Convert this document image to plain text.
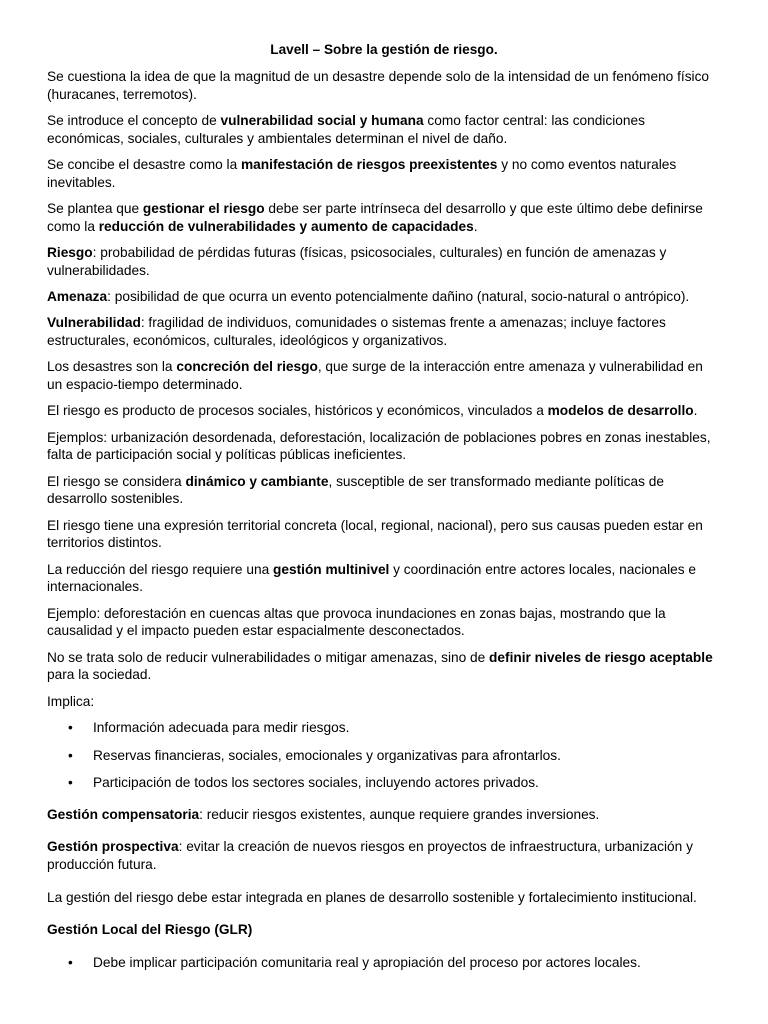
Lavell – Sobre la gestión de riesgo.

Se cuestiona la idea de que la magnitud de un desastre depende solo de la intensidad de un fenómeno físico (huracanes, terremotos).

Se introduce el concepto de vulnerabilidad social y humana como factor central: las condiciones económicas, sociales, culturales y ambientales determinan el nivel de daño.

Se concibe el desastre como la manifestación de riesgos preexistentes y no como eventos naturales inevitables.

Se plantea que gestionar el riesgo debe ser parte intrínseca del desarrollo y que este último debe definirse como la reducción de vulnerabilidades y aumento de capacidades.

Riesgo: probabilidad de pérdidas futuras (físicas, psicosociales, culturales) en función de amenazas y vulnerabilidades.

Amenaza: posibilidad de que ocurra un evento potencialmente dañino (natural, socio-natural o antrópico).

Vulnerabilidad: fragilidad de individuos, comunidades o sistemas frente a amenazas; incluye factores estructurales, económicos, culturales, ideológicos y organizativos.

Los desastres son la concreción del riesgo, que surge de la interacción entre amenaza y vulnerabilidad en un espacio-tiempo determinado.

El riesgo es producto de procesos sociales, históricos y económicos, vinculados a modelos de desarrollo.

Ejemplos: urbanización desordenada, deforestación, localización de poblaciones pobres en zonas inestables, falta de participación social y políticas públicas ineficientes.

El riesgo se considera dinámico y cambiante, susceptible de ser transformado mediante políticas de desarrollo sostenibles.

El riesgo tiene una expresión territorial concreta (local, regional, nacional), pero sus causas pueden estar en territorios distintos.

La reducción del riesgo requiere una gestión multinivel y coordinación entre actores locales, nacionales e internacionales.

Ejemplo: deforestación en cuencas altas que provoca inundaciones en zonas bajas, mostrando que la causalidad y el impacto pueden estar espacialmente desconectados.

No se trata solo de reducir vulnerabilidades o mitigar amenazas, sino de definir niveles de riesgo aceptable para la sociedad.

Implica:

• Información adecuada para medir riesgos.
• Reservas financieras, sociales, emocionales y organizativas para afrontarlos.
• Participación de todos los sectores sociales, incluyendo actores privados.

Gestión compensatoria: reducir riesgos existentes, aunque requiere grandes inversiones.

Gestión prospectiva: evitar la creación de nuevos riesgos en proyectos de infraestructura, urbanización y producción futura.

La gestión del riesgo debe estar integrada en planes de desarrollo sostenible y fortalecimiento institucional.

Gestión Local del Riesgo (GLR)

• Debe implicar participación comunitaria real y apropiación del proceso por actores locales.
